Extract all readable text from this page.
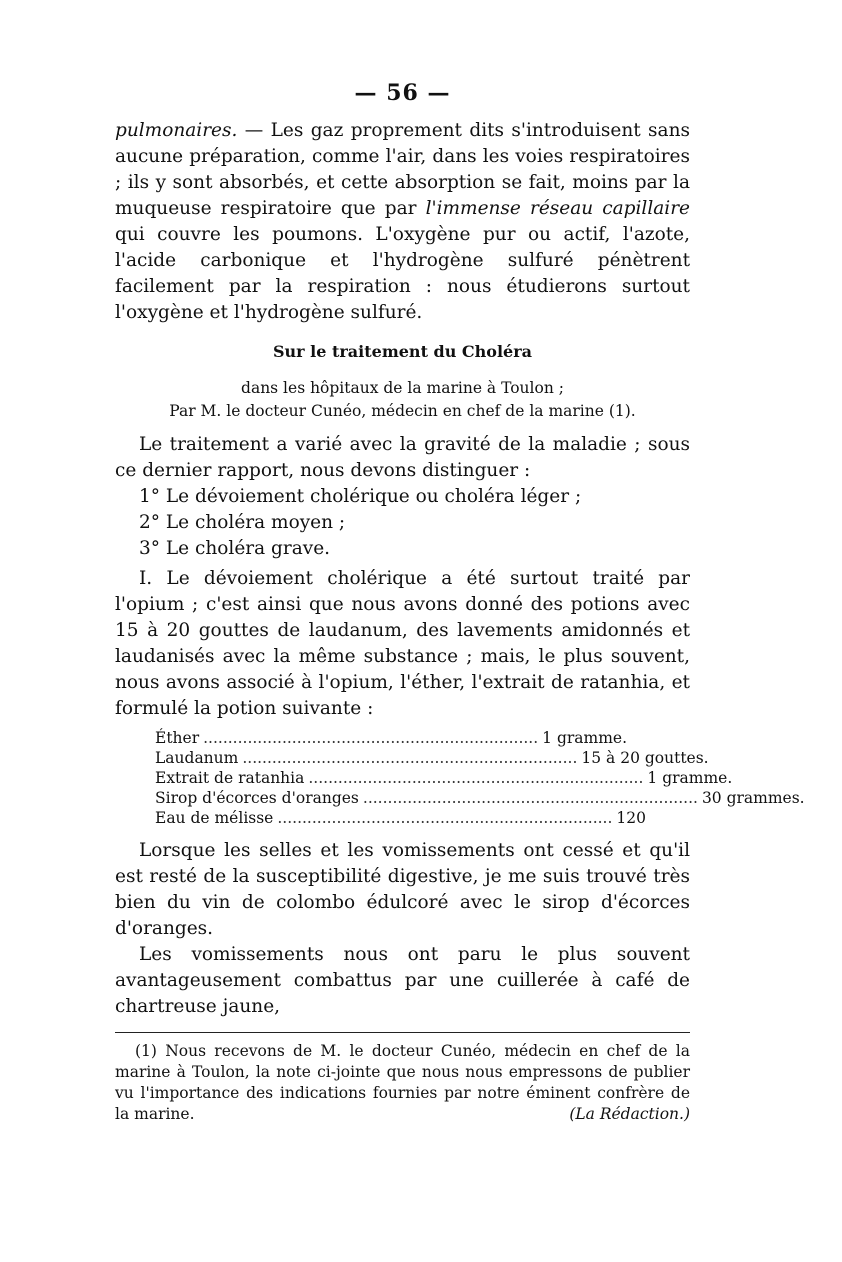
— 56 —

pulmonaires. — Les gaz proprement dits s'introduisent sans aucune préparation, comme l'air, dans les voies respiratoires ; ils y sont absorbés, et cette absorption se fait, moins par la muqueuse respiratoire que par l'immense réseau capillaire qui couvre les poumons. L'oxygène pur ou actif, l'azote, l'acide carbonique et l'hydrogène sulfuré pénètrent facilement par la respiration : nous étudierons surtout l'oxygène et l'hydrogène sulfuré.

Sur le traitement du Choléra
dans les hôpitaux de la marine à Toulon ;
Par M. le docteur Cunéo, médecin en chef de la marine (1).

Le traitement a varié avec la gravité de la maladie ; sous ce dernier rapport, nous devons distinguer :

1° Le dévoiement cholérique ou choléra léger ;
2° Le choléra moyen ;
3° Le choléra grave.

I. Le dévoiement cholérique a été surtout traité par l'opium ; c'est ainsi que nous avons donné des potions avec 15 à 20 gouttes de laudanum, des lavements amidonnés et laudanisés avec la même substance ; mais, le plus souvent, nous avons associé à l'opium, l'éther, l'extrait de ratanhia, et formulé la potion suivante :

Éther .................................................................... 1 gramme.
Laudanum .................................................................... 15 à 20 gouttes.
Extrait de ratanhia .................................................................... 1 gramme.
Sirop d'écorces d'oranges .................................................................... 30 grammes.
Eau de mélisse .................................................................... 120

Lorsque les selles et les vomissements ont cessé et qu'il est resté de la susceptibilité digestive, je me suis trouvé très bien du vin de colombo édulcoré avec le sirop d'écorces d'oranges.

Les vomissements nous ont paru le plus souvent avantageusement combattus par une cuillerée à café de chartreuse jaune,

(1) Nous recevons de M. le docteur Cunéo, médecin en chef de la marine à Toulon, la note ci-jointe que nous nous empressons de publier vu l'importance des indications fournies par notre éminent confrère de la marine.	(La Rédaction.)
